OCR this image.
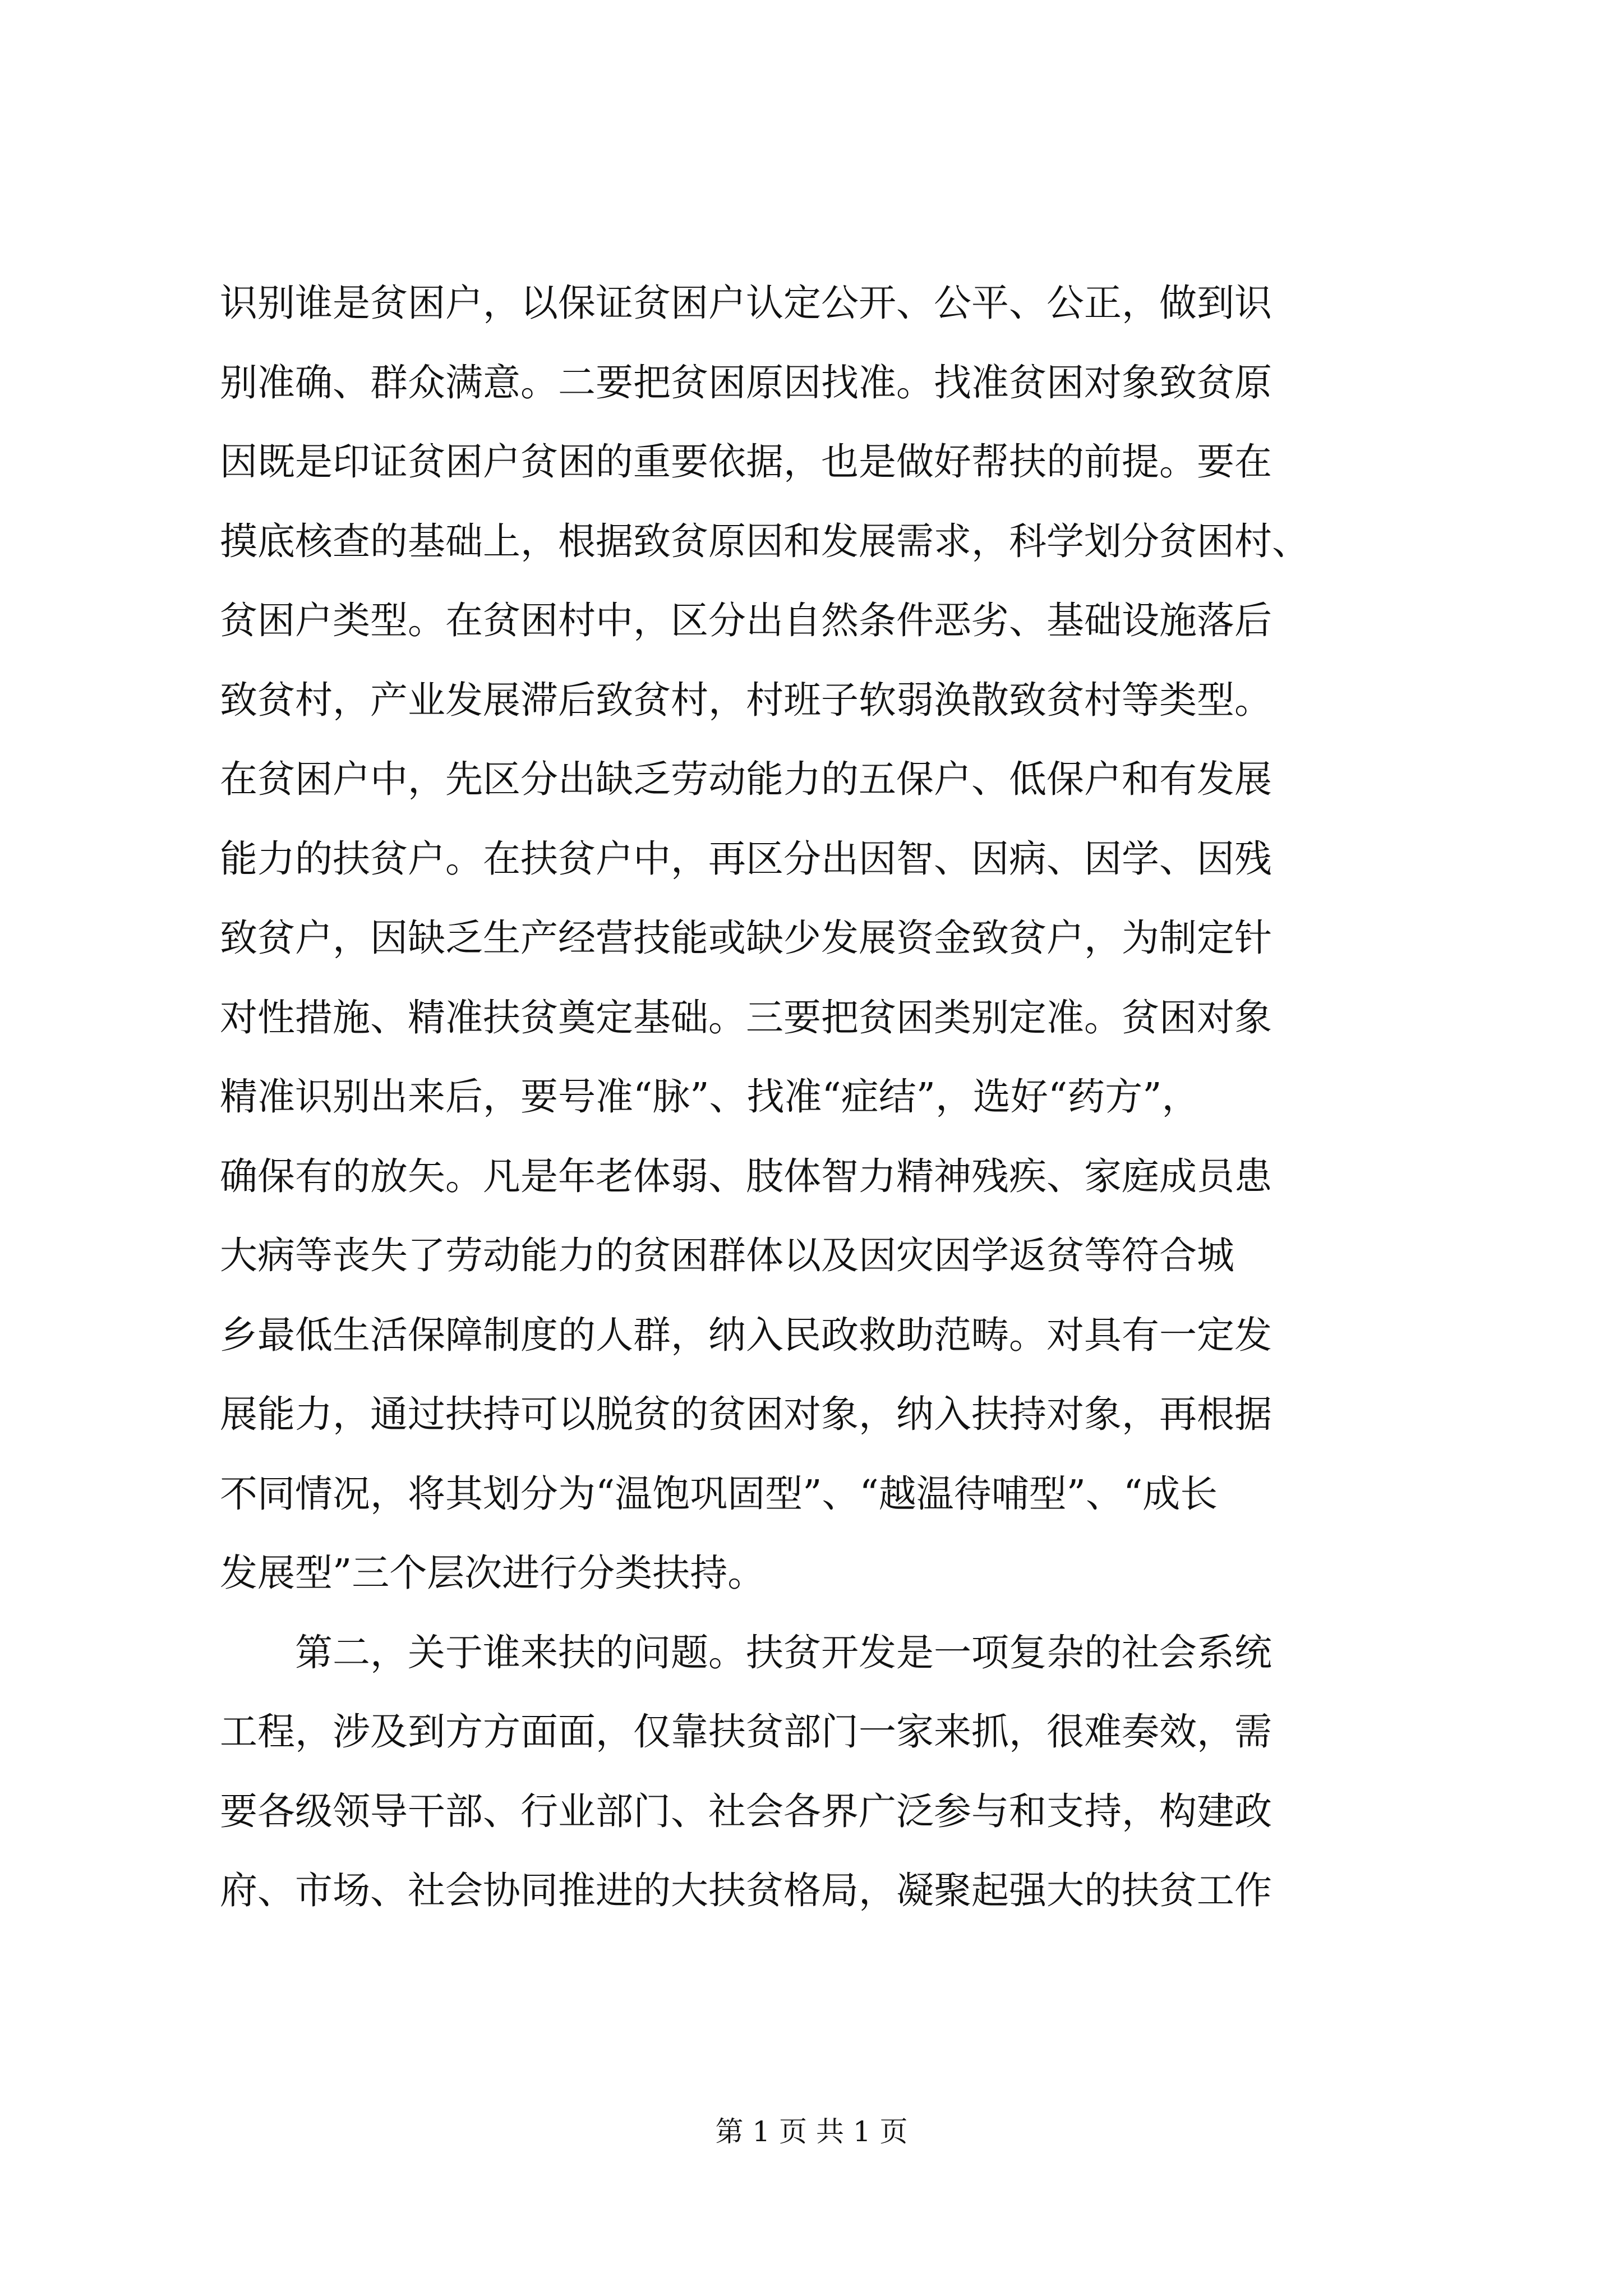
识别谁是贫困户，以保证贫困户认定公开、公平、公正，做到识
别准确、群众满意。二要把贫困原因找准。找准贫困对象致贫原
因既是印证贫困户贫困的重要依据，也是做好帮扶的前提。要在
摸底核查的基础上，根据致贫原因和发展需求，科学划分贫困村、
贫困户类型。在贫困村中，区分出自然条件恶劣、基础设施落后
致贫村，产业发展滞后致贫村，村班子软弱涣散致贫村等类型。
在贫困户中，先区分出缺乏劳动能力的五保户、低保户和有发展
能力的扶贫户。在扶贫户中，再区分出因智、因病、因学、因残
致贫户，因缺乏生产经营技能或缺少发展资金致贫户，为制定针
对性措施、精准扶贫奠定基础。三要把贫困类别定准。贫困对象
精准识别出来后，要号准“脉”、找准“症结”，选好“药方”，
确保有的放矢。凡是年老体弱、肢体智力精神残疾、家庭成员患
大病等丧失了劳动能力的贫困群体以及因灾因学返贫等符合城
乡最低生活保障制度的人群，纳入民政救助范畴。对具有一定发
展能力，通过扶持可以脱贫的贫困对象，纳入扶持对象，再根据
不同情况，将其划分为“温饱巩固型”、“越温待哺型”、“成长
发展型”三个层次进行分类扶持。
第二，关于谁来扶的问题。扶贫开发是一项复杂的社会系统
工程，涉及到方方面面，仅靠扶贫部门一家来抓，很难奏效，需
要各级领导干部、行业部门、社会各界广泛参与和支持，构建政
府、市场、社会协同推进的大扶贫格局，凝聚起强大的扶贫工作
第 1 页 共 1 页
